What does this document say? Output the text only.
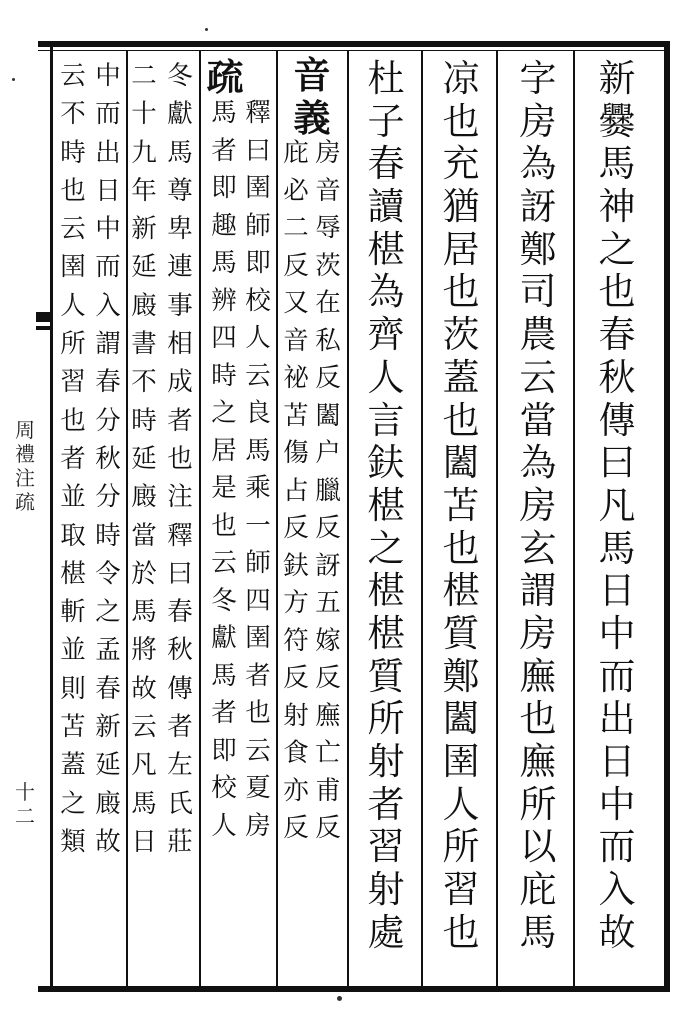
新
爨
馬
神
之
也
春
秋
傳
曰
凡
馬
日
中
而
出
日
中
而
入
故
字
房
為
訝
鄭
司
農
云
當
為
房
玄
謂
房
廡
也
廡
所
以
庇
馬
凉
也
充
猶
居
也
茨
蓋
也
闔
苫
也
椹
質
鄭
闔
圉
人
所
習
也
杜
子
春
讀
椹
為
齊
人
言
鈇
椹
之
椹
椹
質
所
射
者
習
射
處
音
義
房
音
辱
茨
在
私
反
闔
户
臘
反
訝
五
嫁
反
廡
亡
甫
反
庇
必
二
反
又
音
祕
苫
傷
占
反
鈇
方
符
反
射
食
亦
反
疏
釋
曰
圉
師
即
校
人
云
良
馬
乘
一
師
四
圉
者
也
云
夏
房
馬
者
即
趣
馬
辨
四
時
之
居
是
也
云
冬
獻
馬
者
即
校
人
冬
獻
馬
尊
卑
連
事
相
成
者
也
注
釋
曰
春
秋
傳
者
左
氏
莊
二
十
九
年
新
延
廄
書
不
時
延
廄
當
於
馬
將
故
云
凡
馬
日
中
而
出
日
中
而
入
謂
春
分
秋
分
時
令
之
孟
春
新
延
廄
故
云
不
時
也
云
圉
人
所
習
也
者
並
取
椹
斬
並
則
苫
蓋
之
類
周
禮
注
疏
十
二
